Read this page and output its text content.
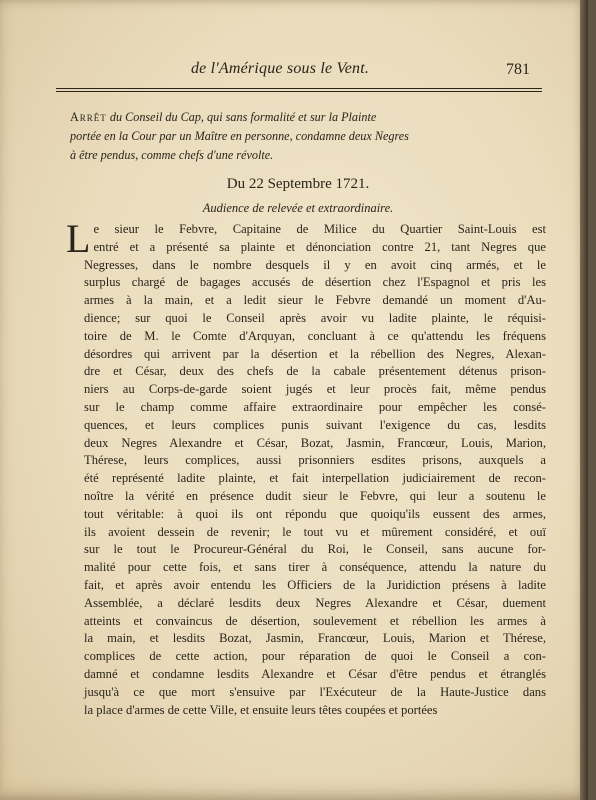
de l'Amérique sous le Vent.	781
Arrêt du Conseil du Cap, qui sans formalité et sur la Plainte
portée en la Cour par un Maître en personne, condamne deux Negres
à être pendus, comme chefs d'une révolte.
Du 22 Septembre 1721.
Audience de relevée et extraordinaire.
Le sieur le Febvre, Capitaine de Milice du Quartier Saint-Louis est
entré et a présenté sa plainte et dénonciation contre 21, tant Negres que
Negresses, dans le nombre desquels il y en avoit cinq armés, et le
surplus chargé de bagages accusés de désertion chez l'Espagnol et pris les
armes à la main, et a ledit sieur le Febvre demandé un moment d'Au-
dience; sur quoi le Conseil après avoir vu ladite plainte, le réquisi-
toire de M. le Comte d'Arquyan, concluant à ce qu'attendu les fréquens
désordres qui arrivent par la désertion et la rébellion des Negres, Alexan-
dre et César, deux des chefs de la cabale présentement détenus prison-
niers au Corps-de-garde soient jugés et leur procès fait, même pendus
sur le champ comme affaire extraordinaire pour empêcher les consé-
quences, et leurs complices punis suivant l'exigence du cas, lesdits
deux Negres Alexandre et César, Bozat, Jasmin, Francœur, Louis, Marion,
Thérese, leurs complices, aussi prisonniers esdites prisons, auxquels a
été représenté ladite plainte, et fait interpellation judiciairement de recon-
noître la vérité en présence dudit sieur le Febvre, qui leur a soutenu le
tout véritable: à quoi ils ont répondu que quoiqu'ils eussent des armes,
ils avoient dessein de revenir; le tout vu et mûrement considéré, et ouï
sur le tout le Procureur-Général du Roi, le Conseil, sans aucune for-
malité pour cette fois, et sans tirer à conséquence, attendu la nature du
fait, et après avoir entendu les Officiers de la Juridiction présens à ladite
Assemblée, a déclaré lesdits deux Negres Alexandre et César, duement
atteints et convaincus de désertion, soulevement et rébellion les armes à
la main, et lesdits Bozat, Jasmin, Francœur, Louis, Marion et Thérese,
complices de cette action, pour réparation de quoi le Conseil a con-
damné et condamne lesdits Alexandre et César d'être pendus et étranglés
jusqu'à ce que mort s'ensuive par l'Exécuteur de la Haute-Justice dans
la place d'armes de cette Ville, et ensuite leurs têtes coupées et portées
